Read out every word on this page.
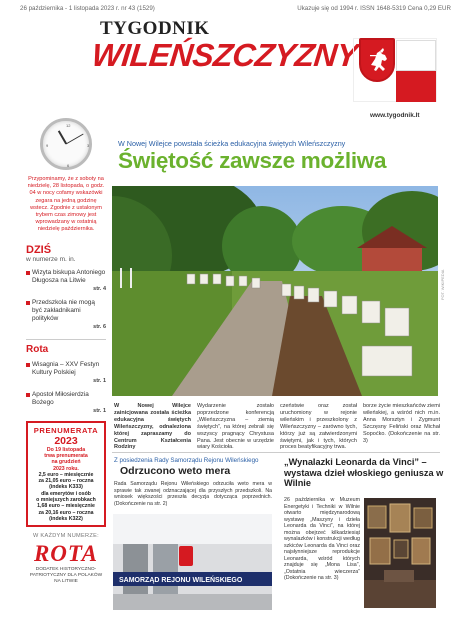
26 października - 1 listopada 2023 r. nr 43 (1529)	Ukazuje się od 1994 r. ISSN 1648-5319 Cena 0,29 EUR
TYGODNIK
WILEŃSZCZYZNY
www.tygodnik.lt
12
3
6
9
Przypominamy, że z soboty na niedzielę, 28 listopada, o godz. 04 w nocy cofamy wskazówki zegara na jedną godzinę wstecz. Zgodnie z ustalonym trybem czas zimowy jest wprowadzany w ostatnią niedzielę października.
DZIŚ
w numerze m. in.
Wizyta biskupa Antoniego Długosza na Litwie
str. 4
Przedszkola nie mogą być zakładnikami polityków
str. 6
Rota
Wisagnia – XXV Festyn Kultury Polskiej
str. 1
Apostoł Miłosierdzia Bożego
str. 1
PRENUMERATA
2023
Do 19 listopada
trwa prenumerata
na grudzień
2023 roku.
2,5 euro – miesięcznie
za 21,05 euro – roczna
(indeks K333)
dla emerytów i osób
o mniejszych zarobkach
1,68 euro – miesięcznie
za 20,16 euro – roczna
(indeks K322)
W KAŻDYM NUMERZE:
ROTA
DODATEK HISTORYCZNO-PATRIOTYCZNY DLA POLAKÓW NA LITWIE
W Nowej Wilejce powstała ścieżka edukacyjna świętych Wileńszczyzny
Świętość zawsze możliwa
FOT. WIKIPEDIA
W Nowej Wilejce zainicjowana została ścieżka edukacyjna świętych Wileńszczyzny, odnaleziona której zapraszamy do Centrum Kształcenia Rodziny
Wydarzenie zostało poprzedzone konferencją „Wileńszczyzna – ziemią świętych”, na której zebrali się wszyscy pragnący Chrystusa Pana. Jest obecnie w urzędzie wiary Kościoła.
czeństwie oraz został uruchomiony w rejonie wileńskim i przeszkolony z Wileńszczyzny – zarówno tych, którzy już są zatwierdzonymi świętymi, jak i tych, których proces beatyfikacyjny trwa.
borze życie mieszkańców ziemi wileńskiej, a wśród nich m.in. Anna Morsztyn i Zygmunt Szczęsny Feliński oraz Michał Sopoćko. (Dokończenie na str. 3)
Z posiedzenia Rady Samorządu Rejonu Wileńskiego
Odrzucono weto mera
Rada Samorządu Rejonu Wileńskiego odrzuciła weto mera w sprawie tak zwanej odznaczającej dla przyszłych przedszkoli. Na wniosek większości przeszła decyzja dotycząca poprzednich. (Dokończenie na str. 2)
SAMORZĄD REJONU WILEŃSKIEGO
„Wynalazki Leonarda da Vinci” – wystawa dzieł włoskiego geniusza w Wilnie
26 października w Muzeum Energetyki i Techniki w Wilnie otwarto międzynarodową wystawę „Maszyny i dzieła Leonarda da Vinci”, na której można obejrzeć kilkadziesiąt wynalazków i konstrukcji według szkiców Leonarda da Vinci oraz najsłynniejsze reprodukcje Leonarda, wśród których znajduje się „Mona Lisa”, „Ostatnia wieczerza” (Dokończenie na str. 3)
